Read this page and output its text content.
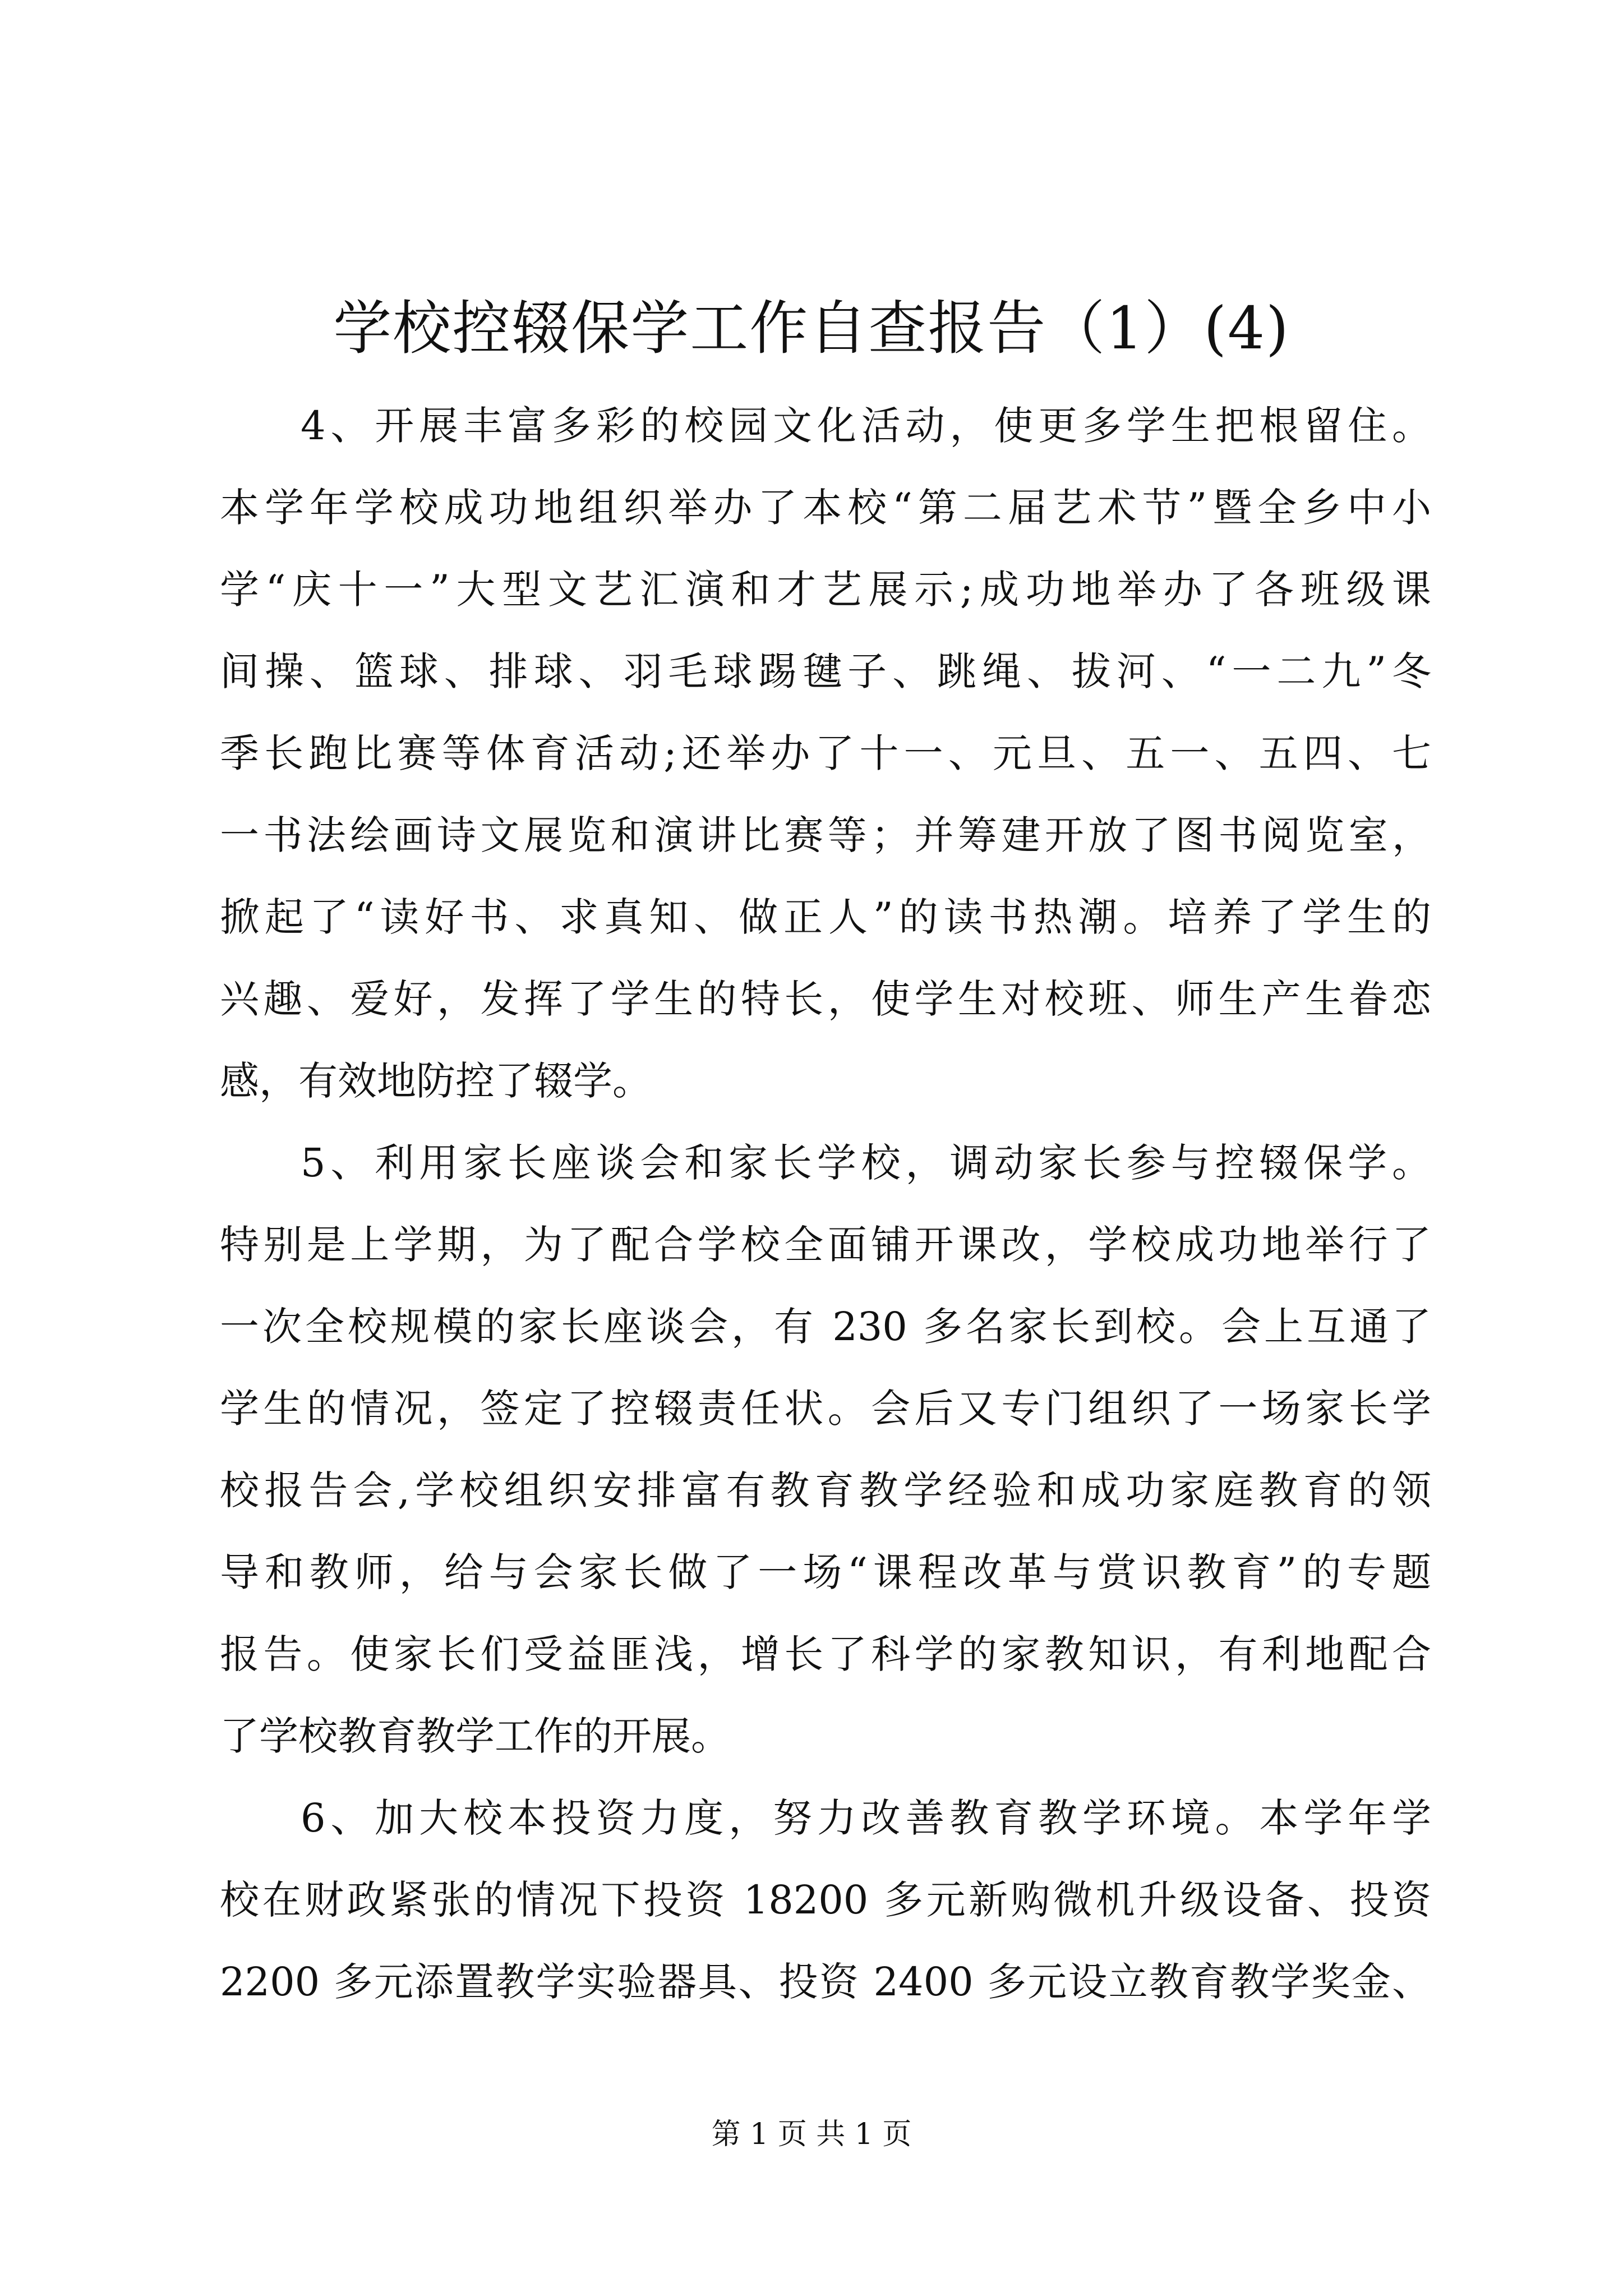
学校控辍保学工作自查报告（1）(4)
4、开展丰富多彩的校园文化活动，使更多学生把根留住。
本学年学校成功地组织举办了本校“第二届艺术节”暨全乡中小
学“庆十一”大型文艺汇演和才艺展示;成功地举办了各班级课
间操、篮球、排球、羽毛球踢毽子、跳绳、拔河、“一二九”冬
季长跑比赛等体育活动;还举办了十一、元旦、五一、五四、七
一书法绘画诗文展览和演讲比赛等；并筹建开放了图书阅览室，
掀起了“读好书、求真知、做正人”的读书热潮。培养了学生的
兴趣、爱好，发挥了学生的特长，使学生对校班、师生产生眷恋
感，有效地防控了辍学。
5、利用家长座谈会和家长学校，调动家长参与控辍保学。
特别是上学期，为了配合学校全面铺开课改，学校成功地举行了
一次全校规模的家长座谈会，有 230 多名家长到校。会上互通了
学生的情况，签定了控辍责任状。会后又专门组织了一场家长学
校报告会,学校组织安排富有教育教学经验和成功家庭教育的领
导和教师，给与会家长做了一场“课程改革与赏识教育”的专题
报告。使家长们受益匪浅，增长了科学的家教知识，有利地配合
了学校教育教学工作的开展。
6、加大校本投资力度，努力改善教育教学环境。本学年学
校在财政紧张的情况下投资 18200 多元新购微机升级设备、投资
2200 多元添置教学实验器具、投资 2400 多元设立教育教学奖金、
第 1 页 共 1 页
